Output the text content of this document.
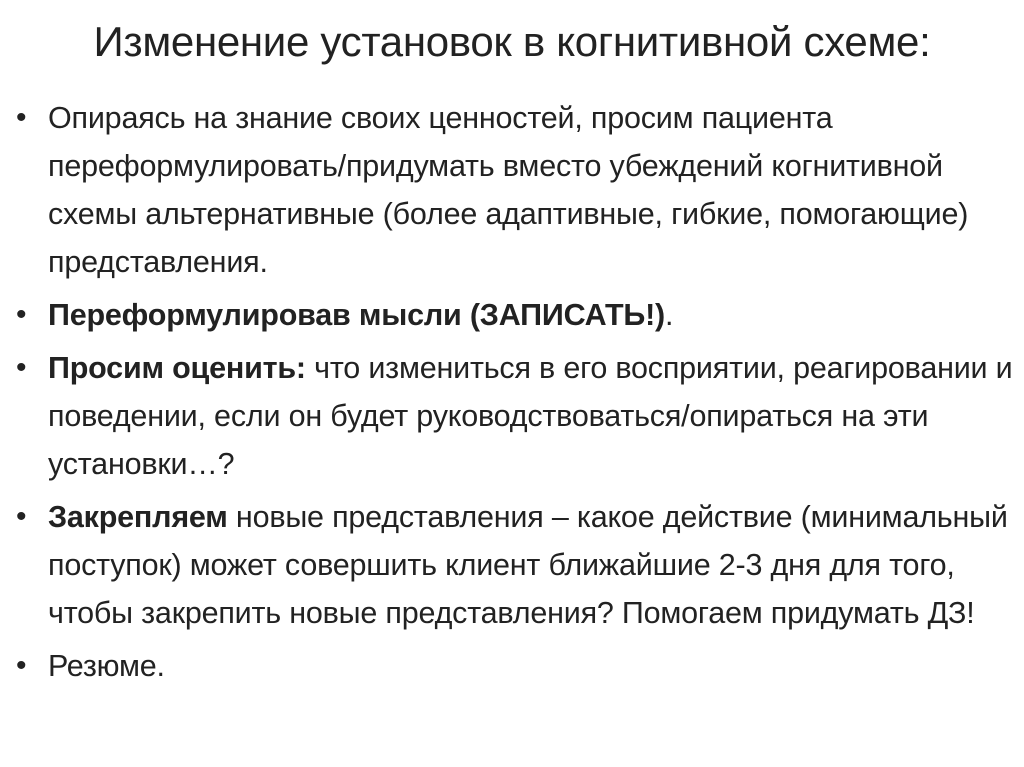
Изменение установок в когнитивной схеме:
• Опираясь на знание своих ценностей, просим пациента переформулировать/придумать вместо убеждений когнитивной схемы альтернативные (более адаптивные, гибкие, помогающие) представления.
• Переформулировав мысли (ЗАПИСАТЬ!).
• Просим оценить: что измениться в его восприятии, реагировании и поведении, если он будет руководствоваться/опираться на эти установки…?
• Закрепляем новые представления – какое действие (минимальный поступок) может совершить клиент ближайшие 2-3 дня для того, чтобы закрепить новые представления? Помогаем придумать ДЗ!
• Резюме.
